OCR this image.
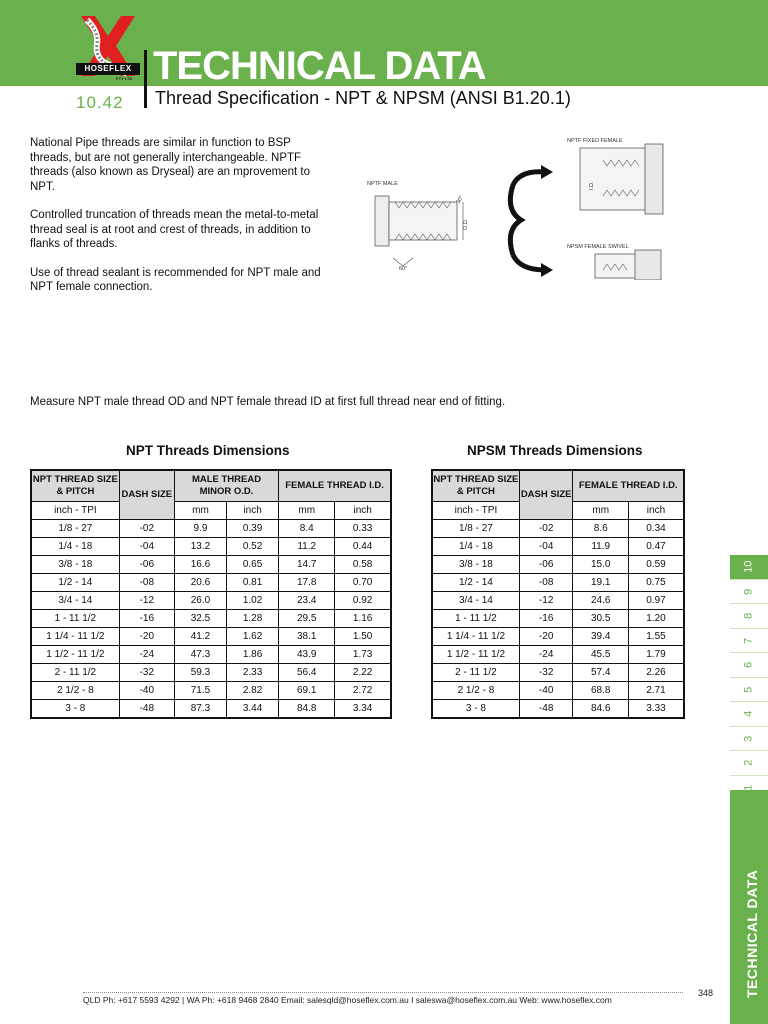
HOSEFLEX
PTY LTD TECHNICAL DATA
10.42 Thread Specification - NPT & NPSM (ANSI B1.20.1)

National Pipe threads are similar in function to BSP threads, but are not generally interchangeable. NPTF threads (also known as Dryseal) are an mprovement to NPT.

Controlled truncation of threads mean the metal-to-metal thread seal is at root and crest of threads, in addition to flanks of threads.

Use of thread sealant is recommended for NPT male and NPT female connection.

NPTF MALE
O.D.
30°
60°
NPTF FIXED FEMALE
I.D.
NPSM FEMALE SWIVEL
Measure NPT male thread OD and NPT female thread ID at first full thread near end of fitting.
NPT Threads Dimensions
NPT THREAD SIZE & PITCH	DASH SIZE	MALE THREAD MINOR O.D.		FEMALE THREAD I.D.	
inch - TPI		mm	inch	mm	inch
1/8 - 27	-02	9.9	0.39	8.4	0.33
1/4 - 18	-04	13.2	0.52	11.2	0.44
3/8 - 18	-06	16.6	0.65	14.7	0.58
1/2 - 14	-08	20.6	0.81	17.8	0.70
3/4 - 14	-12	26.0	1.02	23.4	0.92
1 - 11 1/2	-16	32.5	1.28	29.5	1.16
1 1/4 - 11 1/2	-20	41.2	1.62	38.1	1.50
1 1/2 - 11 1/2	-24	47.3	1.86	43.9	1.73
2 - 11 1/2	-32	59.3	2.33	56.4	2.22
2 1/2 - 8	-40	71.5	2.82	69.1	2.72
3 - 8	-48	87.3	3.44	84.8	3.34
NPSM Threads Dimensions
NPT THREAD SIZE & PITCH	DASH SIZE	FEMALE THREAD I.D.	
inch - TPI		mm	inch
1/8 - 27	-02	8.6	0.34
1/4 - 18	-04	11.9	0.47
3/8 - 18	-06	15.0	0.59
1/2 - 14	-08	19.1	0.75
3/4 - 14	-12	24.6	0.97
1 - 11 1/2	-16	30.5	1.20
1 1/4 - 11 1/2	-20	39.4	1.55
1 1/2 - 11 1/2	-24	45.5	1.79
2 - 11 1/2	-32	57.4	2.26
2 1/2 - 8	-40	68.8	2.71
3 - 8	-48	84.6	3.33
10
9
8
7
6
5
4
3
2
1
TECHNICAL DATA
QLD Ph: +617 5593 4292 | WA Ph: +618 9468 2840 Email: salesqld@hoseflex.com.au I saleswa@hoseflex.com.au Web: www.hoseflex.com
348
